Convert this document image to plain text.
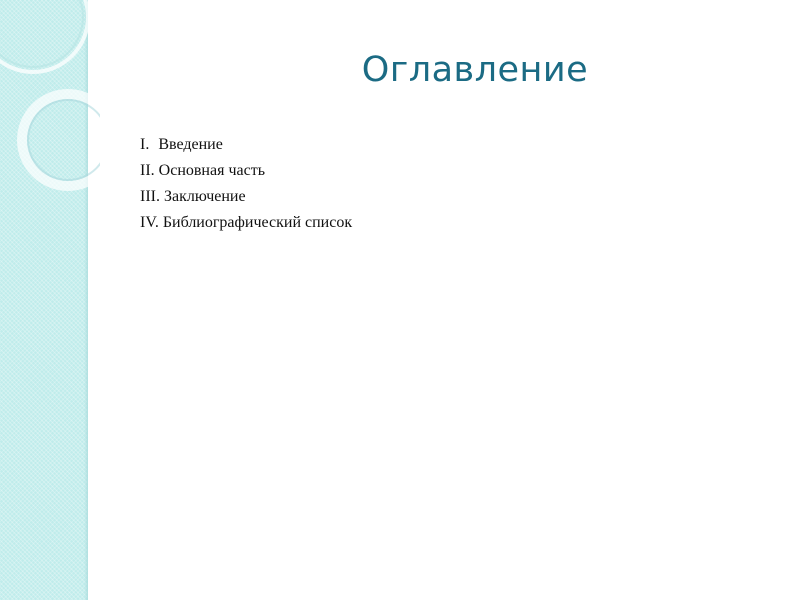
Оглавление
I. Введение
II. Основная часть
III. Заключение
IV. Библиографический список
